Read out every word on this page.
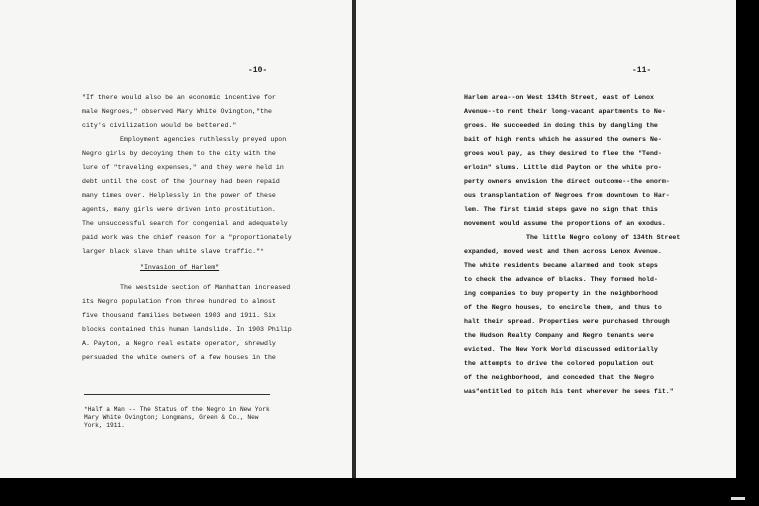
-10-
"If there would also be an economic incentive for
male Negroes," observed Mary White Ovington,"the
city's civilization would be bettered."
Employment agencies ruthlessly preyed upon
Negro girls by decoying them to the city with the
lure of "traveling expenses," and they were held in
debt until the cost of the journey had been repaid
many times over. Helplessly in the power of these
agents, many girls were driven into prostitution.
The unsuccessful search for congenial and adequately
paid work was the chief reason for a "proportionately
larger black slave than white slave traffic."*
"Invasion of Harlem"
The westside section of Manhattan increased
its Negro population from three hundred to almost
five thousand families between 1903 and 1911. Six
blocks contained this human landslide. In 1903 Philip
A. Payton, a Negro real estate operator, shrewdly
persuaded the white owners of a few houses in the
*Half a Man -- The Status of the Negro in New York
Mary White Ovington; Longmans, Green & Co., New
York, 1911.
-11-
Harlem area--on West 134th Street, east of Lenox
Avenue--to rent their long-vacant apartments to Ne-
groes. He succeeded in doing this by dangling the
bait of high rents which he assured the owners Ne-
groes woul pay, as they desired to flee the "Tend-
erloin" slums. Little did Payton or the white pro-
perty owners envision the direct outcome--the enorm-
ous transplantation of Negroes from downtown to Har-
lem. The first timid steps gave no sign that this
movement would assume the proportions of an exodus.
The little Negro colony of 134th Street
expanded, moved west and then across Lenox Avenue.
The white residents became alarmed and took steps
to check the advance of blacks. They formed hold-
ing companies to buy property in the neighborhood
of the Negro houses, to encircle them, and thus to
halt their spread. Properties were purchased through
the Hudson Realty Company and Negro tenants were
evicted. The New York World discussed editorially
the attempts to drive the colored population out
of the neighborhood, and conceded that the Negro
was"entitled to pitch his tent wherever he sees fit."
